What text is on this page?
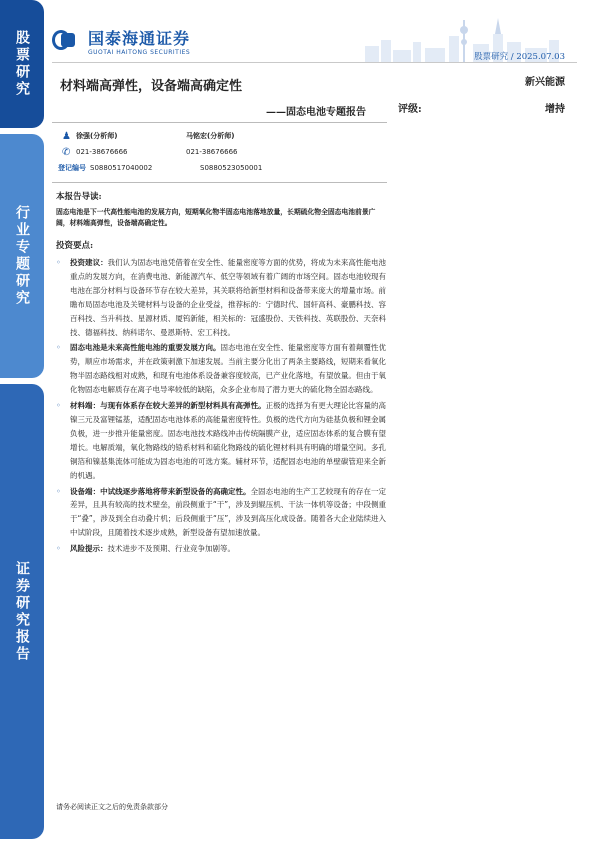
股票研究
行业专题研究
证券研究报告
国泰海通证券
GUOTAI HAITONG SECURITIES	股票研究 / 2025.07.03
材料端高弹性，设备端高确定性
——固态电池专题报告
新兴能源
评级:	增持
♟ 徐强(分析师)	马铭宏(分析师)
✆ 021-38676666	021-38676666
登记编号 S0880517040002	S0880523050001
本报告导读:
固态电池是下一代高性能电池的发展方向，短期氧化物半固态电池落地放量，长期硫化物全固态电池前景广阔，材料端高弹性，设备端高确定性。
投资要点:
◦	投资建议：我们认为固态电池凭借着在安全性、能量密度等方面的优势，将成为未来高性能电池重点的发展方向，在消费电池、新能源汽车、低空等领域有着广阔的市场空间。固态电池较现有电池在部分材料与设备环节存在较大差异，其关联将给新型材料和设备带来庞大的增量市场。前瞻布局固态电池及关键材料与设备的企业受益，推荐标的：宁德时代、国轩高科、豪鹏科技、容百科技、当升科技、星源材质、厦钨新能，相关标的：冠盛股份、天铁科技、英联股份、天奈科技、德福科技、纳科诺尔、曼恩斯特、宏工科技。
◦	固态电池是未来高性能电池的重要发展方向。固态电池在安全性、能量密度等方面有着颠覆性优势，顺应市场需求，并在政策刺激下加速发展。当前主要分化出了两条主要路线，短期来看氧化物半固态路线相对成熟，和现有电池体系设备兼容度较高，已产业化落地，有望放量。但由于氧化物固态电解质存在离子电导率较低的缺陷，众多企业布局了潜力更大的硫化物全固态路线。
◦	材料端：与现有体系存在较大差异的新型材料具有高弹性。正极的选择为有更大理论比容量的高镍三元及富锂锰基，适配固态电池体系的高能量密度特性。负极的迭代方向为硅基负极和锂金属负极，进一步推升能量密度。固态电池技术路线冲击传统隔膜产业，适应固态体系的复合膜有望增长。电解质端，氧化物路线的锆系材料和硫化物路线的硫化锂材料具有明确的增量空间。多孔铜箔和镍基集流体可能成为固态电池的可选方案。辅材环节，适配固态电池的单壁碳管迎来全新的机遇。
◦	设备端：中试线逐步落地将带来新型设备的高确定性。全固态电池的生产工艺较现有的存在一定差异，且具有较高的技术壁垒，前段侧重于“干”，涉及到辊压机、干法一体机等设备；中段侧重于“叠”，涉及到全自动叠片机；后段侧重于“压”，涉及到高压化成设备。随着各大企业陆续进入中试阶段，且随着技术逐步成熟，新型设备有望加速放量。
◦	风险提示：技术进步不及预期、行业竞争加剧等。
请务必阅读正文之后的免责条款部分
